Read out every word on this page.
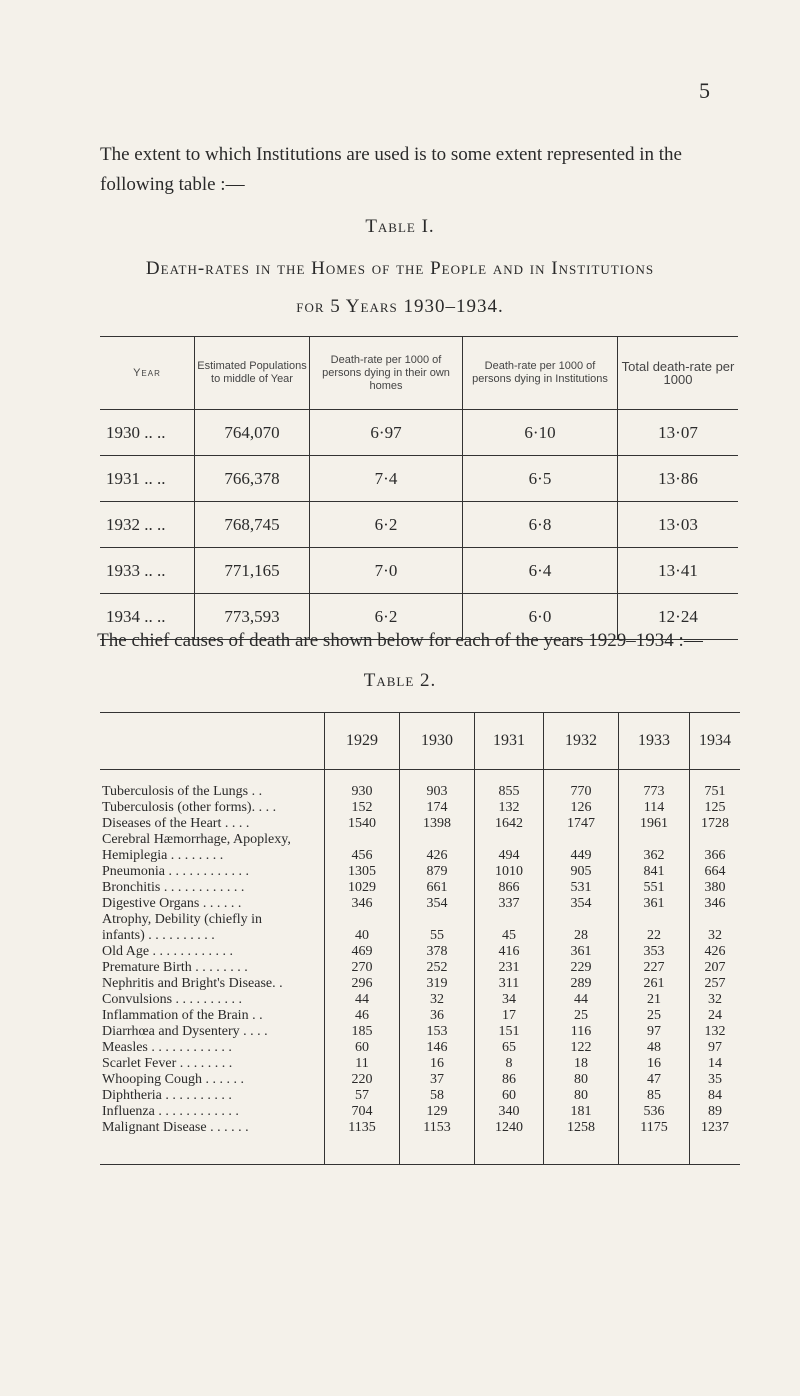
5
The extent to which Institutions are used is to some extent represented in the following table :—
Table I.
Death-rates in the Homes of the People and in Institutions
for 5 Years 1930–1934.
Year	Estimated Populations to middle of Year	Death-rate per 1000 of persons dying in their own homes	Death-rate per 1000 of persons dying in Institutions	Total death-rate per 1000
1930 .. ..	764,070	6·97	6·10	13·07
1931 .. ..	766,378	7·4	6·5	13·86
1932 .. ..	768,745	6·2	6·8	13·03
1933 .. ..	771,165	7·0	6·4	13·41
1934 .. ..	773,593	6·2	6·0	12·24
The chief causes of death are shown below for each of the years 1929–1934 :—
Table 2.
	1929	1930	1931	1932	1933	1934

Tuberculosis of the Lungs . .	930	903	855	770	773	751
Tuberculosis (other forms). . . .	152	174	132	126	114	125
Diseases of the Heart . . . .	1540	1398	1642	1747	1961	1728
Cerebral Hæmorrhage, Apoplexy,						
Hemiplegia . . . . . . . .	456	426	494	449	362	366
Pneumonia . . . . . . . . . . . .	1305	879	1010	905	841	664
Bronchitis . . . . . . . . . . . .	1029	661	866	531	551	380
Digestive Organs . . . . . .	346	354	337	354	361	346
Atrophy, Debility (chiefly in						
infants) . . . . . . . . . .	40	55	45	28	22	32
Old Age . . . . . . . . . . . .	469	378	416	361	353	426
Premature Birth . . . . . . . .	270	252	231	229	227	207
Nephritis and Bright's Disease. .	296	319	311	289	261	257
Convulsions . . . . . . . . . .	44	32	34	44	21	32
Inflammation of the Brain . .	46	36	17	25	25	24
Diarrhœa and Dysentery . . . .	185	153	151	116	97	132
Measles . . . . . . . . . . . .	60	146	65	122	48	97
Scarlet Fever . . . . . . . .	11	16	8	18	16	14
Whooping Cough . . . . . .	220	37	86	80	47	35
Diphtheria . . . . . . . . . .	57	58	60	80	85	84
Influenza . . . . . . . . . . . .	704	129	340	181	536	89
Malignant Disease . . . . . .	1135	1153	1240	1258	1175	1237
